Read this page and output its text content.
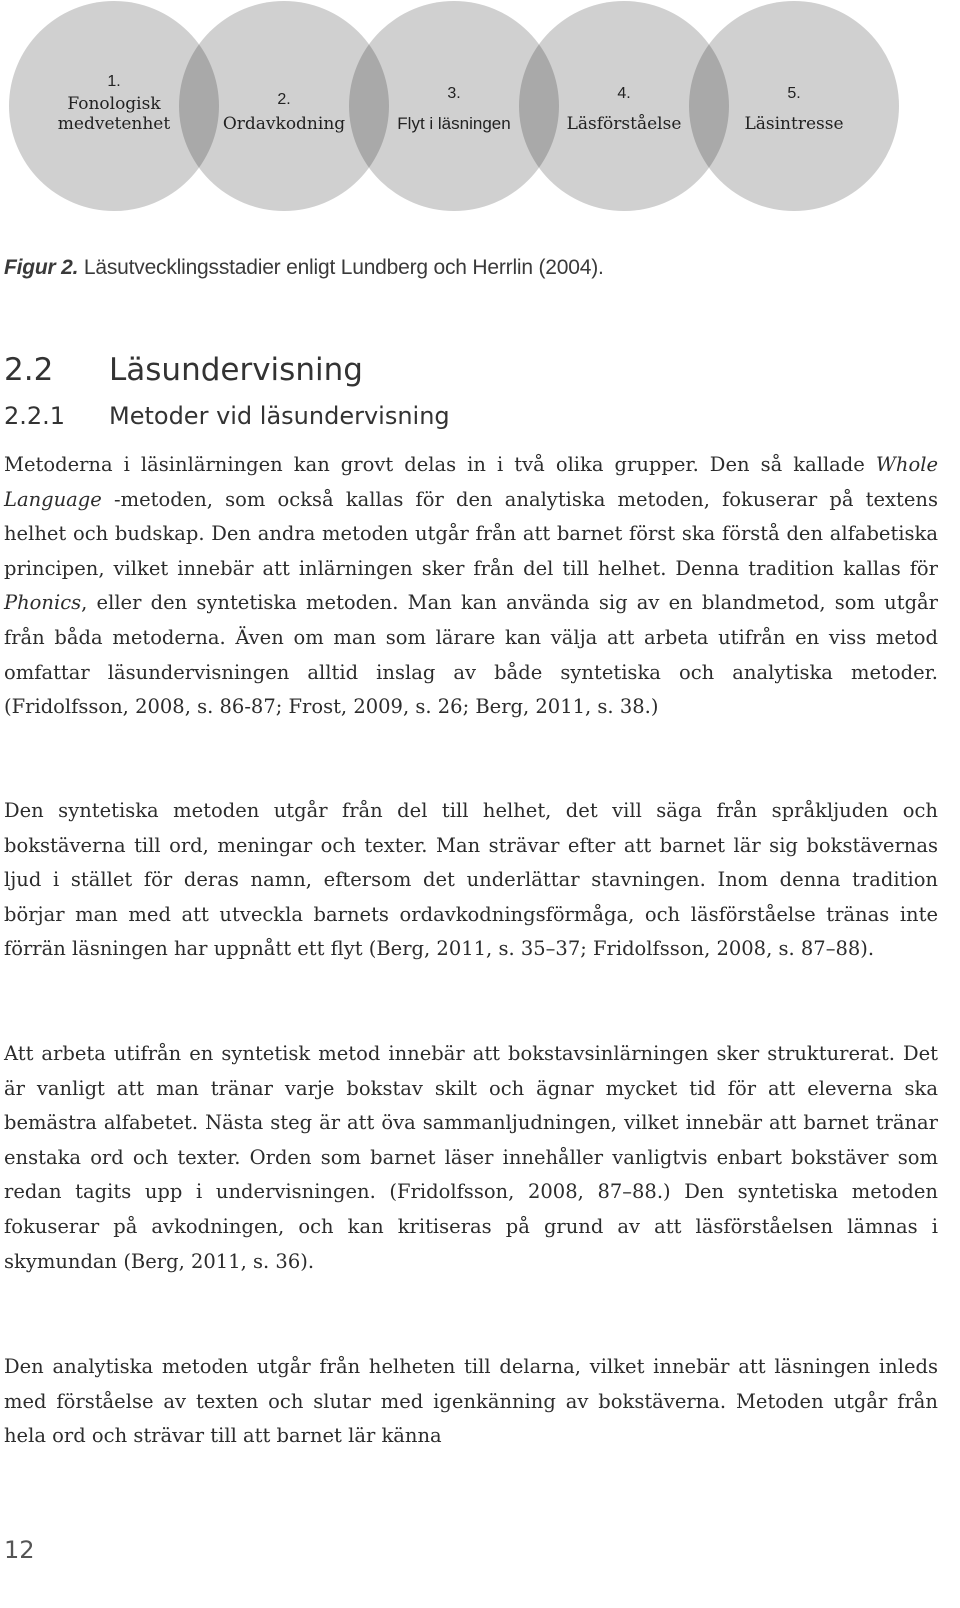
1.
Fonologisk medvetenhet
2.
Ordavkodning
3.
Flyt i läsningen
4.
Läsförståelse
5.
Läsintresse
Figur 2. Läsutvecklingsstadier enligt Lundberg och Herrlin (2004).
2.2 Läsundervisning
2.2.1 Metoder vid läsundervisning

Metoderna i läsinlärningen kan grovt delas in i två olika grupper. Den så kallade Whole Language -metoden, som också kallas för den analytiska metoden, fokuserar på textens helhet och budskap. Den andra metoden utgår från att barnet först ska förstå den alfabetiska principen, vilket innebär att inlärningen sker från del till helhet. Denna tradition kallas för Phonics, eller den syntetiska metoden. Man kan använda sig av en blandmetod, som utgår från båda metoderna. Även om man som lärare kan välja att arbeta utifrån en viss metod omfattar läsundervisningen alltid inslag av både syntetiska och analytiska metoder. (Fridolfsson, 2008, s. 86-87; Frost, 2009, s. 26; Berg, 2011, s. 38.)

Den syntetiska metoden utgår från del till helhet, det vill säga från språkljuden och bokstäverna till ord, meningar och texter. Man strävar efter att barnet lär sig bokstävernas ljud i stället för deras namn, eftersom det underlättar stavningen. Inom denna tradition börjar man med att utveckla barnets ordavkodningsförmåga, och läsförståelse tränas inte förrän läsningen har uppnått ett flyt (Berg, 2011, s. 35–37; Fridolfsson, 2008, s. 87–88).

Att arbeta utifrån en syntetisk metod innebär att bokstavsinlärningen sker strukturerat. Det är vanligt att man tränar varje bokstav skilt och ägnar mycket tid för att eleverna ska bemästra alfabetet. Nästa steg är att öva sammanljudningen, vilket innebär att barnet tränar enstaka ord och texter. Orden som barnet läser innehåller vanligtvis enbart bokstäver som redan tagits upp i undervisningen. (Fridolfsson, 2008, 87–88.) Den syntetiska metoden fokuserar på avkodningen, och kan kritiseras på grund av att läsförståelsen lämnas i skymundan (Berg, 2011, s. 36).

Den analytiska metoden utgår från helheten till delarna, vilket innebär att läsningen inleds med förståelse av texten och slutar med igenkänning av bokstäverna. Metoden utgår från hela ord och strävar till att barnet lär känna

12
